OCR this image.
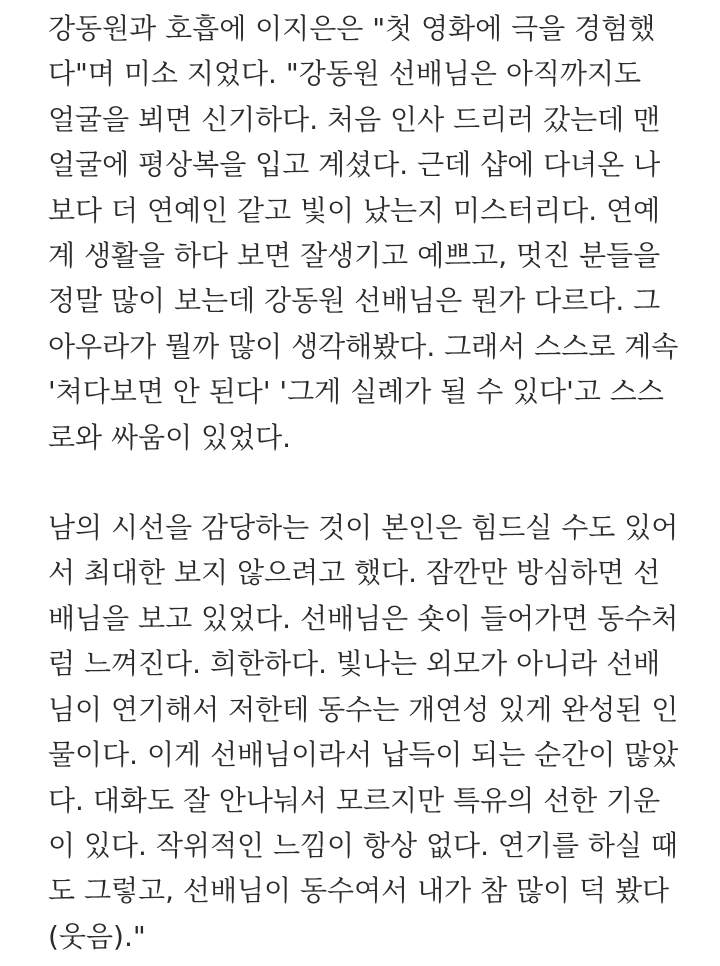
강동원과 호흡에 이지은은 "첫 영화에 극을 경험했
다"며 미소 지었다. "강동원 선배님은 아직까지도
얼굴을 뵈면 신기하다. 처음 인사 드리러 갔는데 맨
얼굴에 평상복을 입고 계셨다. 근데 샵에 다녀온 나
보다 더 연예인 같고 빛이 났는지 미스터리다. 연예
계 생활을 하다 보면 잘생기고 예쁘고, 멋진 분들을
정말 많이 보는데 강동원 선배님은 뭔가 다르다. 그
아우라가 뭘까 많이 생각해봤다. 그래서 스스로 계속
'쳐다보면 안 된다' '그게 실례가 될 수 있다'고 스스
로와 싸움이 있었다.

남의 시선을 감당하는 것이 본인은 힘드실 수도 있어
서 최대한 보지 않으려고 했다. 잠깐만 방심하면 선
배님을 보고 있었다. 선배님은 숏이 들어가면 동수처
럼 느껴진다. 희한하다. 빛나는 외모가 아니라 선배
님이 연기해서 저한테 동수는 개연성 있게 완성된 인
물이다. 이게 선배님이라서 납득이 되는 순간이 많았
다. 대화도 잘 안나눠서 모르지만 특유의 선한 기운
이 있다. 작위적인 느낌이 항상 없다. 연기를 하실 때
도 그렇고, 선배님이 동수여서 내가 참 많이 덕 봤다
(웃음)."
